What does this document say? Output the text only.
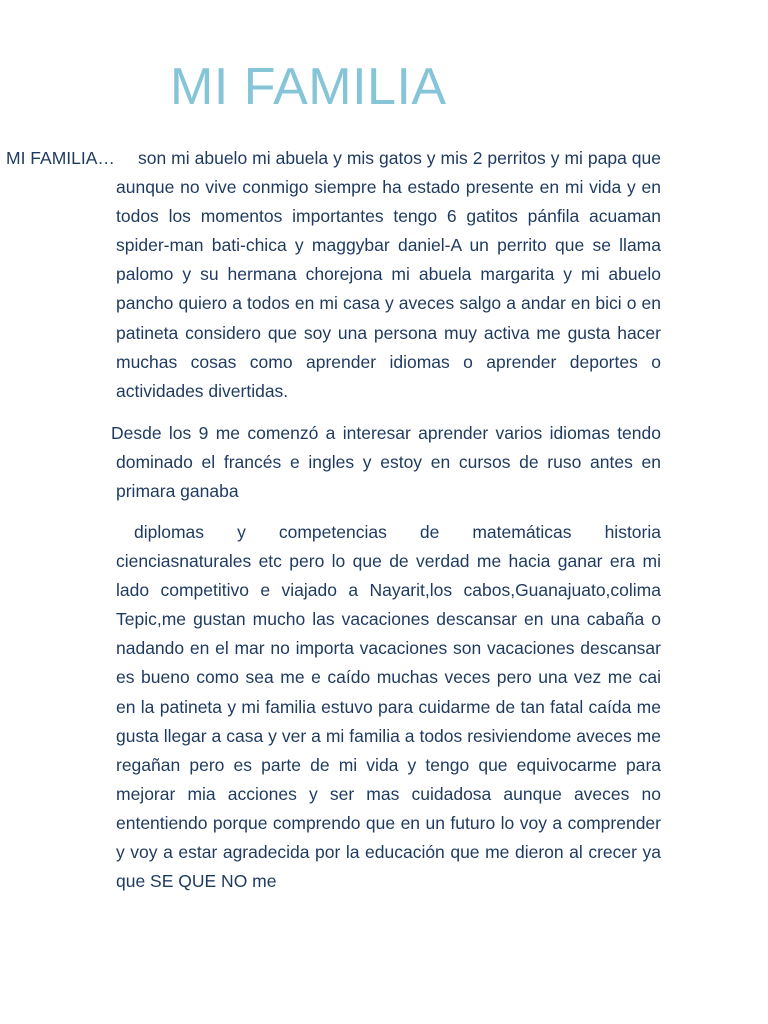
MI FAMILIA

MI FAMILIA… son mi abuelo mi abuela y mis gatos y mis 2 perritos y mi papa que aunque no vive conmigo siempre ha estado presente en mi vida y en todos los momentos importantes tengo 6 gatitos pánfila acuaman spider-man bati-chica y maggybar daniel-A un perrito que se llama palomo y su hermana chorejona mi abuela margarita y mi abuelo pancho quiero a todos en mi casa y aveces salgo a andar en bici o en patineta considero que soy una persona muy activa me gusta hacer muchas cosas como aprender idiomas o aprender deportes o actividades divertidas.

Desde los 9 me comenzó a interesar aprender varios idiomas tendo dominado el francés e ingles y estoy en cursos de ruso antes en primara ganaba

diplomas y competencias de matemáticas historia
cienciasnaturales etc pero lo que de verdad me hacia ganar era mi lado competitivo e viajado a Nayarit,los cabos,Guanajuato,colima Tepic,me gustan mucho las vacaciones descansar en una cabaña o nadando en el mar no importa vacaciones son vacaciones descansar es bueno como sea me e caído muchas veces pero una vez me cai en la patineta y mi familia estuvo para cuidarme de tan fatal caída me gusta llegar a casa y ver a mi familia a todos resiviendome aveces me regañan pero es parte de mi vida y tengo que equivocarme para mejorar mia acciones y ser mas cuidadosa aunque aveces no ententiendo porque comprendo que en un futuro lo voy a comprender y voy a estar agradecida por la educación que me dieron al crecer ya que SE QUE NO me
